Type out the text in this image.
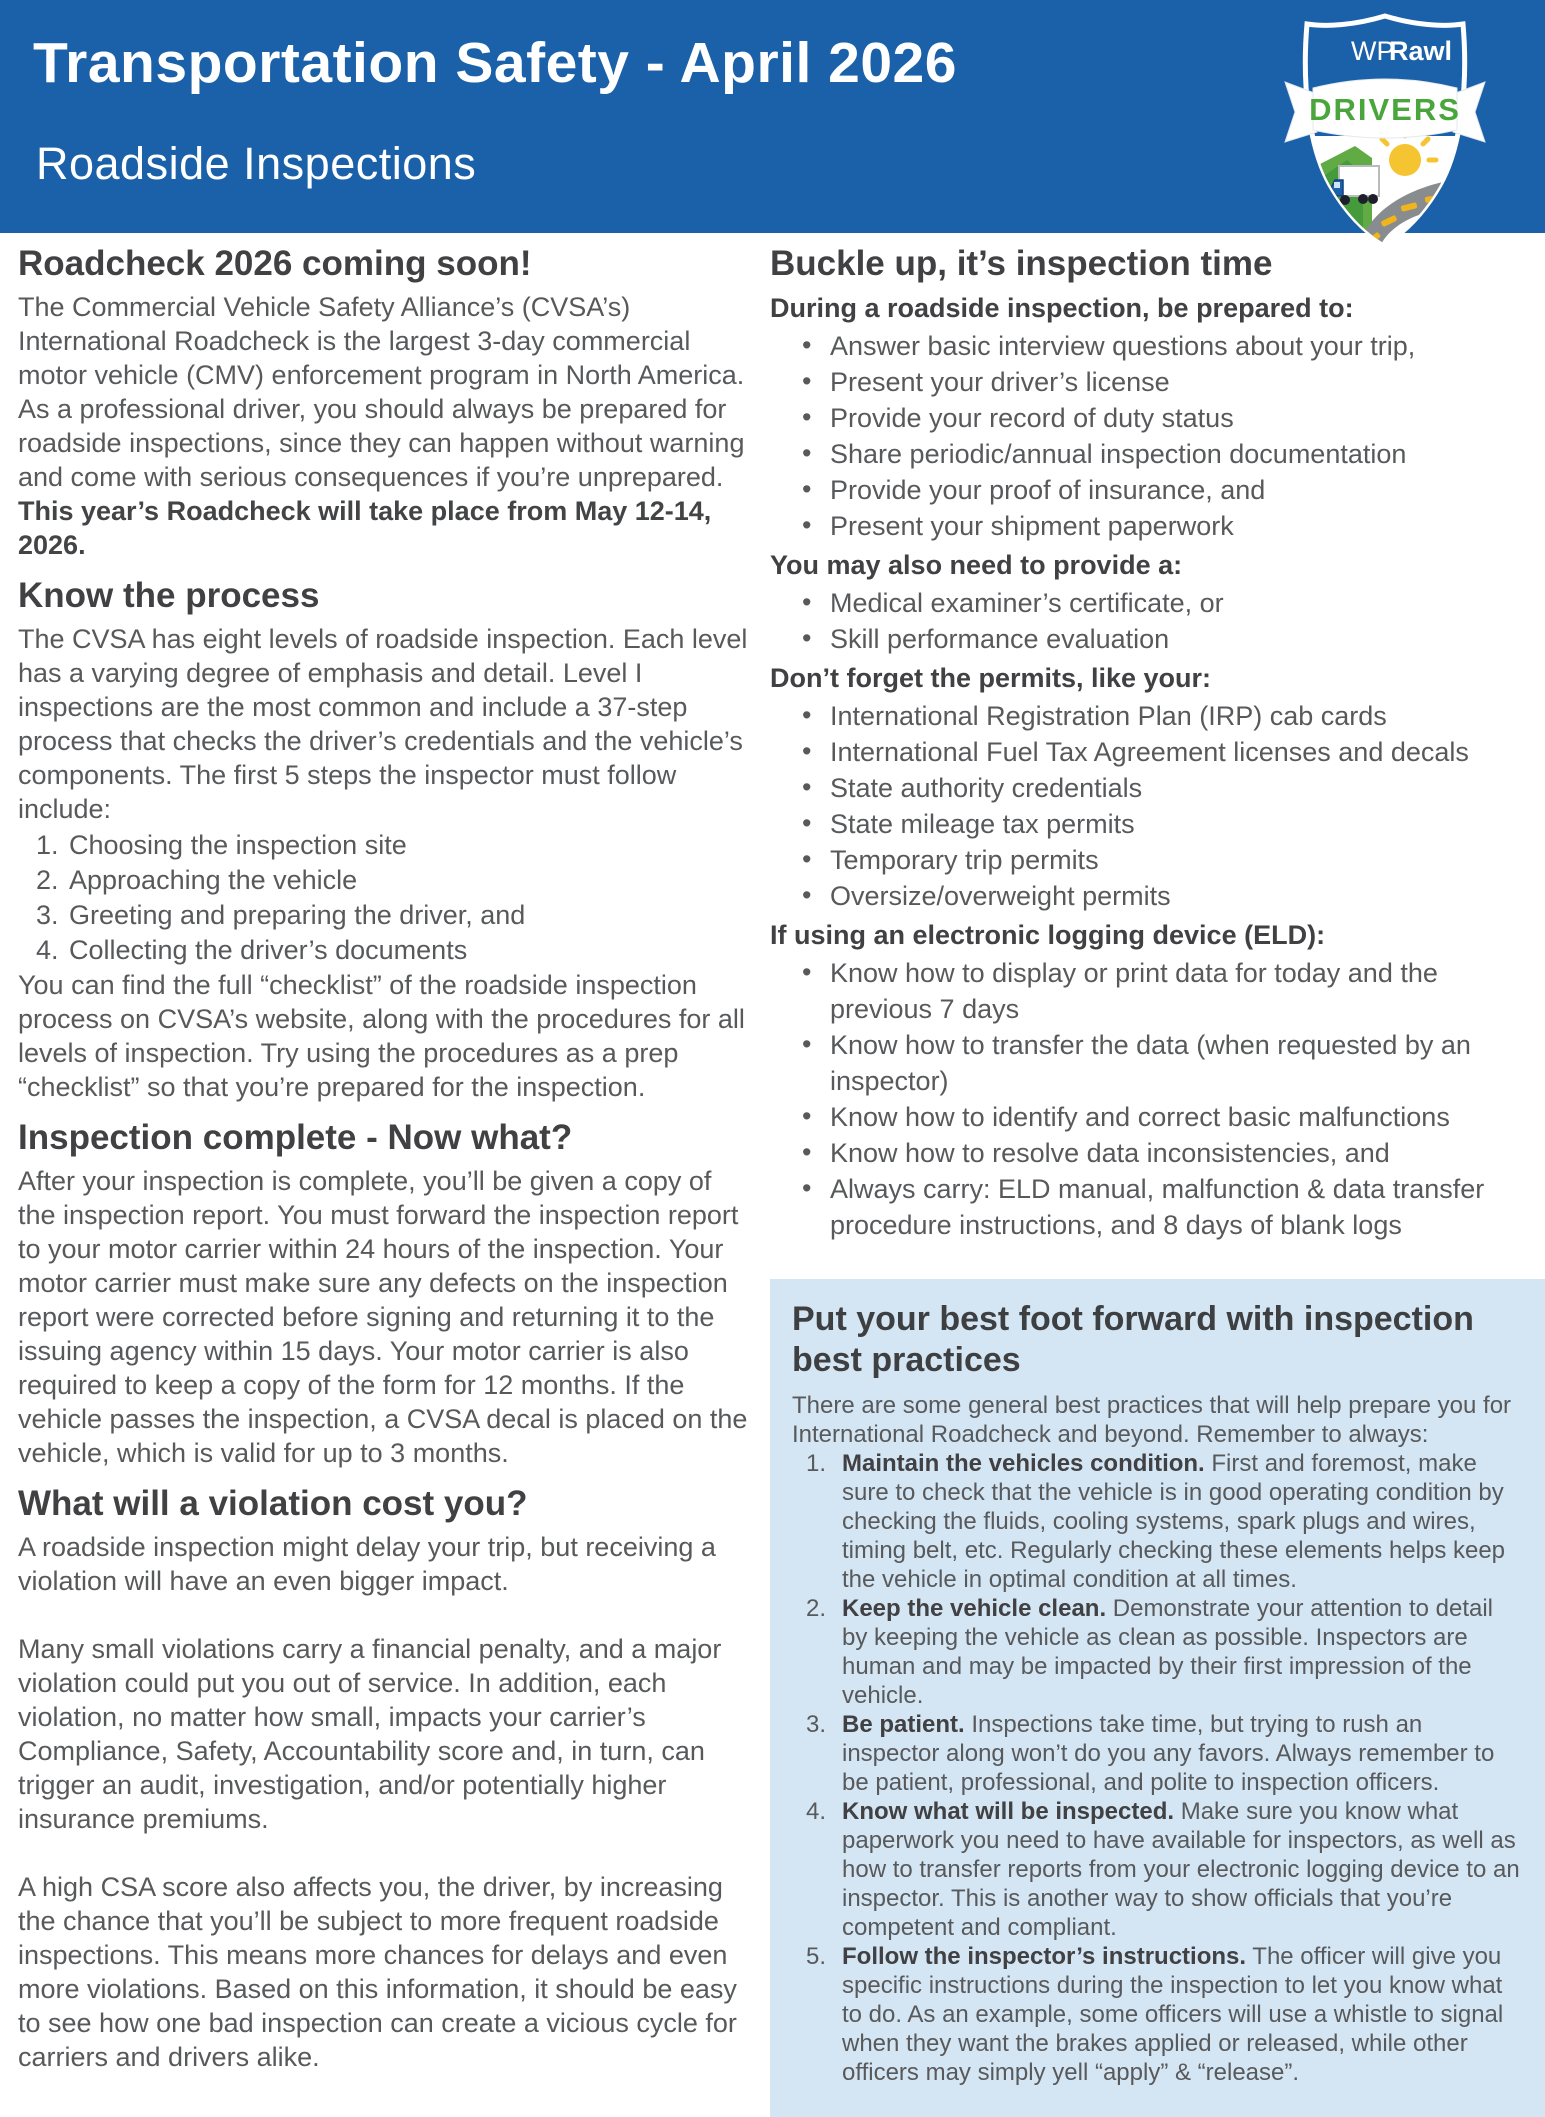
Transportation Safety - April 2026
Roadside Inspections
WP
Rawl
DRIVERS
Roadcheck 2026 coming soon!

The Commercial Vehicle Safety Alliance’s (CVSA’s) International Roadcheck is the largest 3-day commercial motor vehicle (CMV) enforcement program in North America. As a professional driver, you should always be prepared for roadside inspections, since they can happen without warning and come with serious consequences if you’re unprepared. This year’s Roadcheck will take place from May 12-14, 2026.

Know the process

The CVSA has eight levels of roadside inspection. Each level has a varying degree of emphasis and detail. Level I inspections are the most common and include a 37-step process that checks the driver’s credentials and the vehicle’s components. The first 5 steps the inspector must follow include:

Choosing the inspection site
Approaching the vehicle
Greeting and preparing the driver, and
Collecting the driver’s documents

You can find the full “checklist” of the roadside inspection process on CVSA’s website, along with the procedures for all levels of inspection. Try using the procedures as a prep “checklist” so that you’re prepared for the inspection.

Inspection complete - Now what?

After your inspection is complete, you’ll be given a copy of the inspection report. You must forward the inspection report to your motor carrier within 24 hours of the inspection. Your motor carrier must make sure any defects on the inspection report were corrected before signing and returning it to the issuing agency within 15 days. Your motor carrier is also required to keep a copy of the form for 12 months. If the vehicle passes the inspection, a CVSA decal is placed on the vehicle, which is valid for up to 3 months.

What will a violation cost you?

A roadside inspection might delay your trip, but receiving a violation will have an even bigger impact.

Many small violations carry a financial penalty, and a major violation could put you out of service. In addition, each violation, no matter how small, impacts your carrier’s Compliance, Safety, Accountability score and, in turn, can trigger an audit, investigation, and/or potentially higher insurance premiums.

A high CSA score also affects you, the driver, by increasing the chance that you’ll be subject to more frequent roadside inspections. This means more chances for delays and even more violations. Based on this information, it should be easy to see how one bad inspection can create a vicious cycle for carriers and drivers alike.

Buckle up, it’s inspection time
During a roadside inspection, be prepared to:
• Answer basic interview questions about your trip,
• Present your driver’s license
• Provide your record of duty status
• Share periodic/annual inspection documentation
• Provide your proof of insurance, and
• Present your shipment paperwork
You may also need to provide a:
• Medical examiner’s certificate, or
• Skill performance evaluation
Don’t forget the permits, like your:
• International Registration Plan (IRP) cab cards
• International Fuel Tax Agreement licenses and decals
• State authority credentials
• State mileage tax permits
• Temporary trip permits
• Oversize/overweight permits
If using an electronic logging device (ELD):
• Know how to display or print data for today and the previous 7 days
• Know how to transfer the data (when requested by an inspector)
• Know how to identify and correct basic malfunctions
• Know how to resolve data inconsistencies, and
• Always carry: ELD manual, malfunction & data transfer procedure instructions, and 8 days of blank logs
Put your best foot forward with inspection best practices

There are some general best practices that will help prepare you for International Roadcheck and beyond. Remember to always:

Maintain the vehicles condition. First and foremost, make sure to check that the vehicle is in good operating condition by checking the fluids, cooling systems, spark plugs and wires, timing belt, etc. Regularly checking these elements helps keep the vehicle in optimal condition at all times.
Keep the vehicle clean. Demonstrate your attention to detail by keeping the vehicle as clean as possible. Inspectors are human and may be impacted by their first impression of the vehicle.
Be patient. Inspections take time, but trying to rush an inspector along won’t do you any favors. Always remember to be patient, professional, and polite to inspection officers.
Know what will be inspected. Make sure you know what paperwork you need to have available for inspectors, as well as how to transfer reports from your electronic logging device to an inspector. This is another way to show officials that you’re competent and compliant.
Follow the inspector’s instructions. The officer will give you specific instructions during the inspection to let you know what to do. As an example, some officers will use a whistle to signal when they want the brakes applied or released, while other officers may simply yell “apply” & “release”.
